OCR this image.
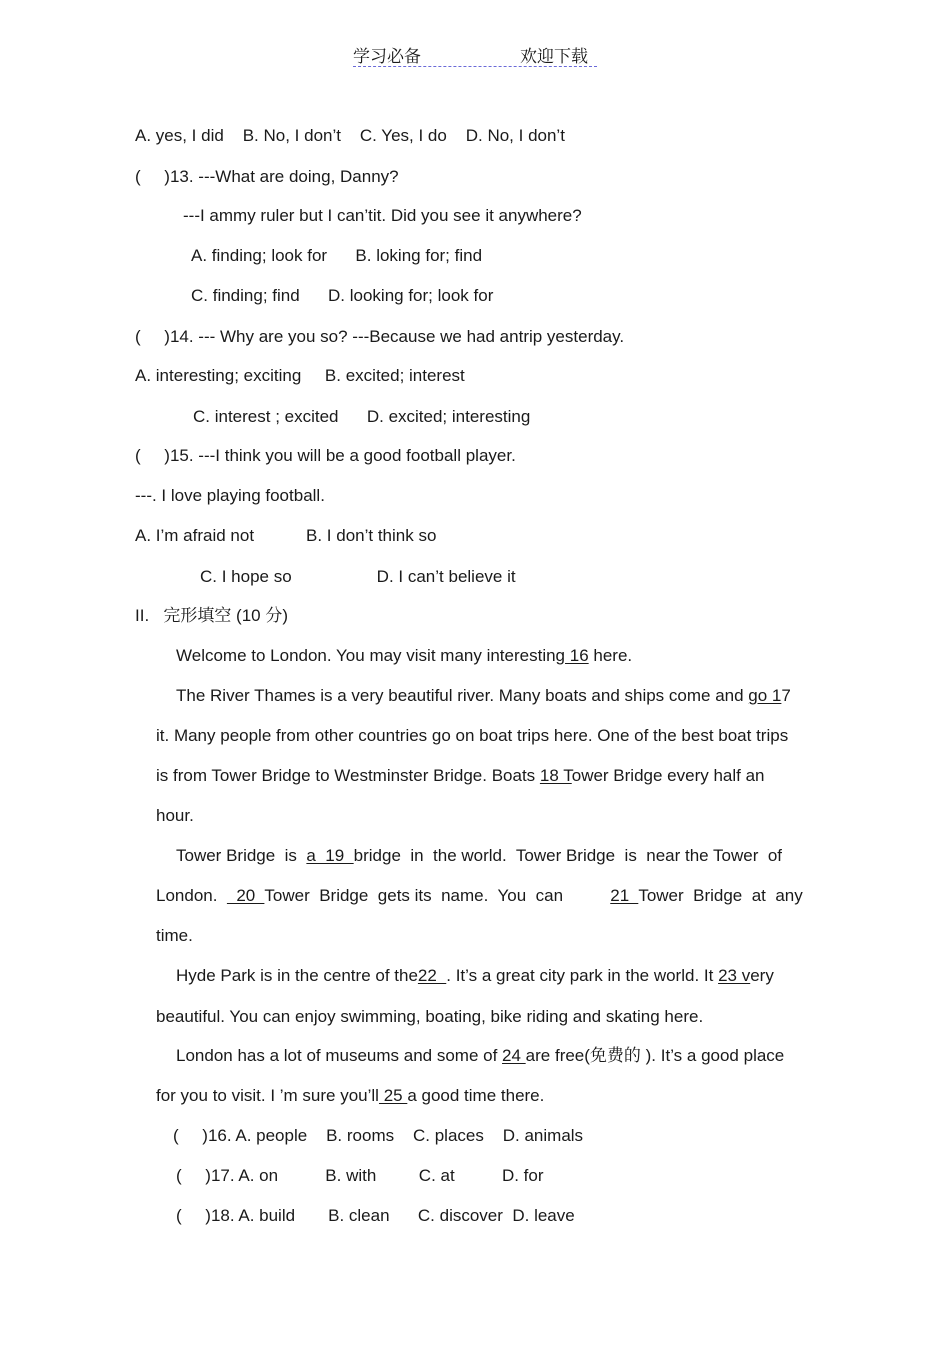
学习必备	欢迎下载
A. yes, I did    B. No, I don’t    C. Yes, I do    D. No, I don’t
(     )13. ---What are doing, Danny?
---I ammy ruler but I can’tit. Did you see it anywhere?
A. finding; look for      B. loking for; find
C. finding; find      D. looking for; look for
(     )14. --- Why are you so? ---Because we had antrip yesterday.
A. interesting; exciting     B. excited; interest
C. interest ; excited      D. excited; interesting
(     )15. ---I think you will be a good football player.
---. I love playing football.
A. I’m afraid not           B. I don’t think so
C. I hope so                  D. I can’t believe it
II.   完形填空 (10 分)
Welcome to London. You may visit many interesting 16 here.
The River Thames is a very beautiful river. Many boats and ships come and go 17
it. Many people from other countries go on boat trips here. One of the best boat trips
is from Tower Bridge to Westminster Bridge. Boats 18 Tower Bridge every half an
hour.
Tower Bridge  is  a  19  bridge  in  the world.  Tower Bridge  is  near the Tower  of
London.    20  Tower  Bridge  gets its  name.  You  can          21  Tower  Bridge  at  any
time.
Hyde Park is in the centre of the22  . It’s a great city park in the world. It 23 very
beautiful. You can enjoy swimming, boating, bike riding and skating here.
London has a lot of museums and some of 24 are free(免费的 ). It’s a good place
for you to visit. I ’m sure you’ll 25 a good time there.
(     )16. A. people    B. rooms    C. places    D. animals
(     )17. A. on          B. with         C. at          D. for
(     )18. A. build       B. clean      C. discover  D. leave
